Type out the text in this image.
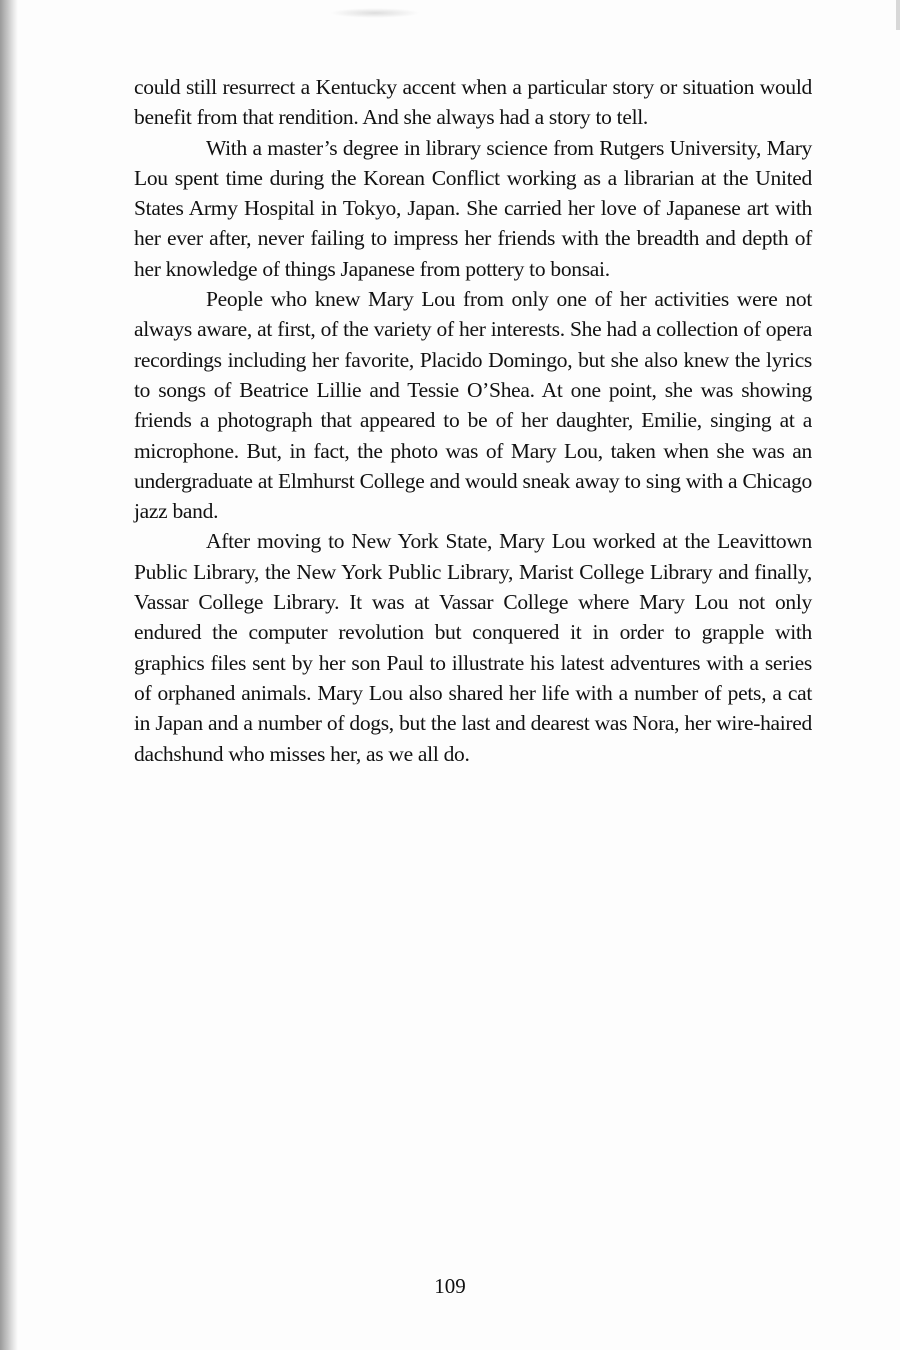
could still resurrect a Kentucky accent when a particular story or situation would benefit from that rendition. And she always had a story to tell.

With a master’s degree in library science from Rutgers University, Mary Lou spent time during the Korean Conflict working as a librarian at the United States Army Hospital in Tokyo, Japan. She carried her love of Japanese art with her ever after, never failing to impress her friends with the breadth and depth of her knowledge of things Japanese from pottery to bonsai.

People who knew Mary Lou from only one of her activities were not always aware, at first, of the variety of her interests. She had a collection of opera recordings including her favorite, Placido Domingo, but she also knew the lyrics to songs of Beatrice Lillie and Tessie O’Shea. At one point, she was showing friends a photograph that appeared to be of her daughter, Emilie, singing at a microphone. But, in fact, the photo was of Mary Lou, taken when she was an undergraduate at Elmhurst College and would sneak away to sing with a Chicago jazz band.

After moving to New York State, Mary Lou worked at the Leavittown Public Library, the New York Public Library, Marist College Library and finally, Vassar College Library. It was at Vassar College where Mary Lou not only endured the computer revolution but conquered it in order to grapple with graphics files sent by her son Paul to illustrate his latest adventures with a series of orphaned animals. Mary Lou also shared her life with a number of pets, a cat in Japan and a number of dogs, but the last and dearest was Nora, her wire-haired dachshund who misses her, as we all do.

109
